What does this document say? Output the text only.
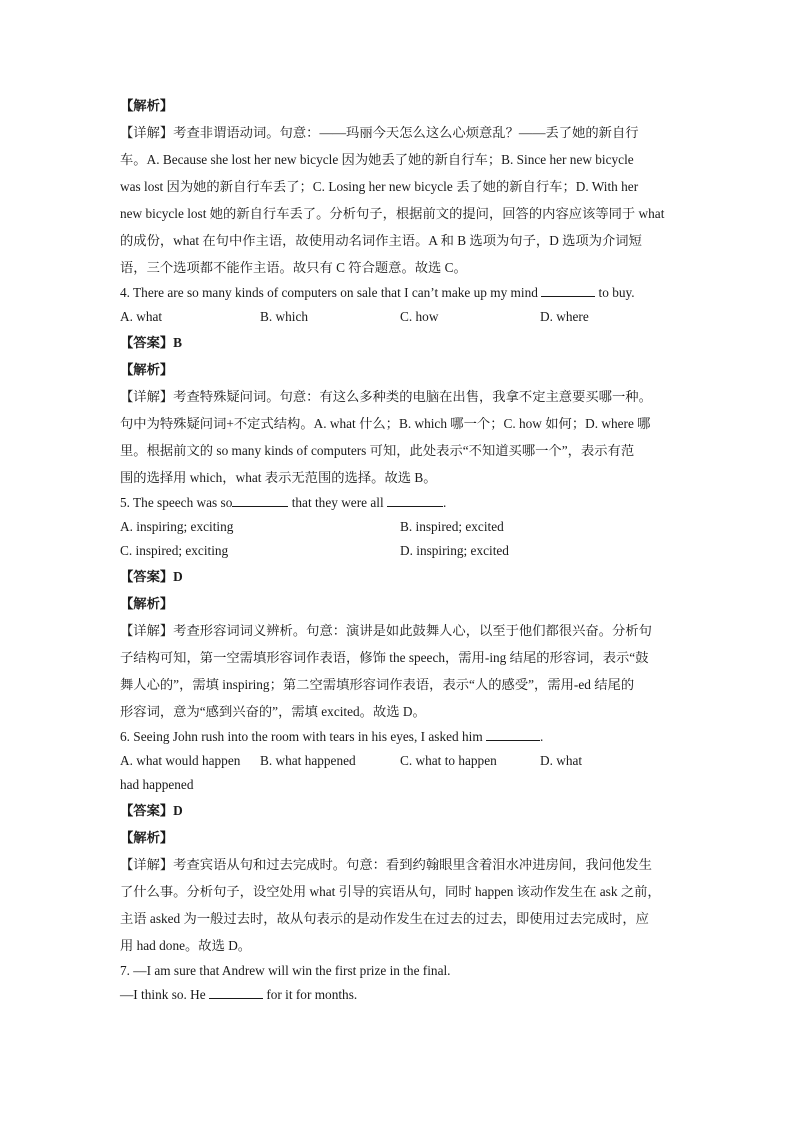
【解析】
【详解】考查非谓语动词。句意：——玛丽今天怎么这么心烦意乱？——丢了她的新自行
车。A. Because she lost her new bicycle 因为她丢了她的新自行车；B. Since her new bicycle
was lost 因为她的新自行车丢了；C. Losing her new bicycle 丢了她的新自行车；D. With her
new bicycle lost 她的新自行车丢了。分析句子，根据前文的提问，回答的内容应该等同于 what
的成份，what 在句中作主语，故使用动名词作主语。A 和 B 选项为句子，D 选项为介词短
语，三个选项都不能作主语。故只有 C 符合题意。故选 C。
4. There are so many kinds of computers on sale that I can’t make up my mind	to buy.
A. what	B. which	C. how	D. where
【答案】B
【解析】
【详解】考查特殊疑问词。句意：有这么多种类的电脑在出售，我拿不定主意要买哪一种。
句中为特殊疑问词+不定式结构。A. what 什么；B. which 哪一个；C. how 如何；D. where 哪
里。根据前文的 so many kinds of computers 可知，此处表示“不知道买哪一个”，表示有范
围的选择用 which，what 表示无范围的选择。故选 B。
5. The speech was so	that they were all	.
A. inspiring; exciting	B. inspired; excited
C. inspired; exciting	D. inspiring; excited
【答案】D
【解析】
【详解】考查形容词词义辨析。句意：演讲是如此鼓舞人心，以至于他们都很兴奋。分析句
子结构可知，第一空需填形容词作表语，修饰 the speech，需用-ing 结尾的形容词，表示“鼓
舞人心的”，需填 inspiring；第二空需填形容词作表语，表示“人的感受”，需用-ed 结尾的
形容词，意为“感到兴奋的”，需填 excited。故选 D。
6. Seeing John rush into the room with tears in his eyes, I asked him	.
A. what would happen	B. what happened	C. what to happen	D. what
had happened
【答案】D
【解析】
【详解】考查宾语从句和过去完成时。句意：看到约翰眼里含着泪水冲进房间，我问他发生
了什么事。分析句子，设空处用 what 引导的宾语从句，同时 happen 该动作发生在 ask 之前，
主语 asked 为一般过去时，故从句表示的是动作发生在过去的过去，即使用过去完成时，应
用 had done。故选 D。
7. —I am sure that Andrew will win the first prize in the final.
—I think so. He	for it for months.
